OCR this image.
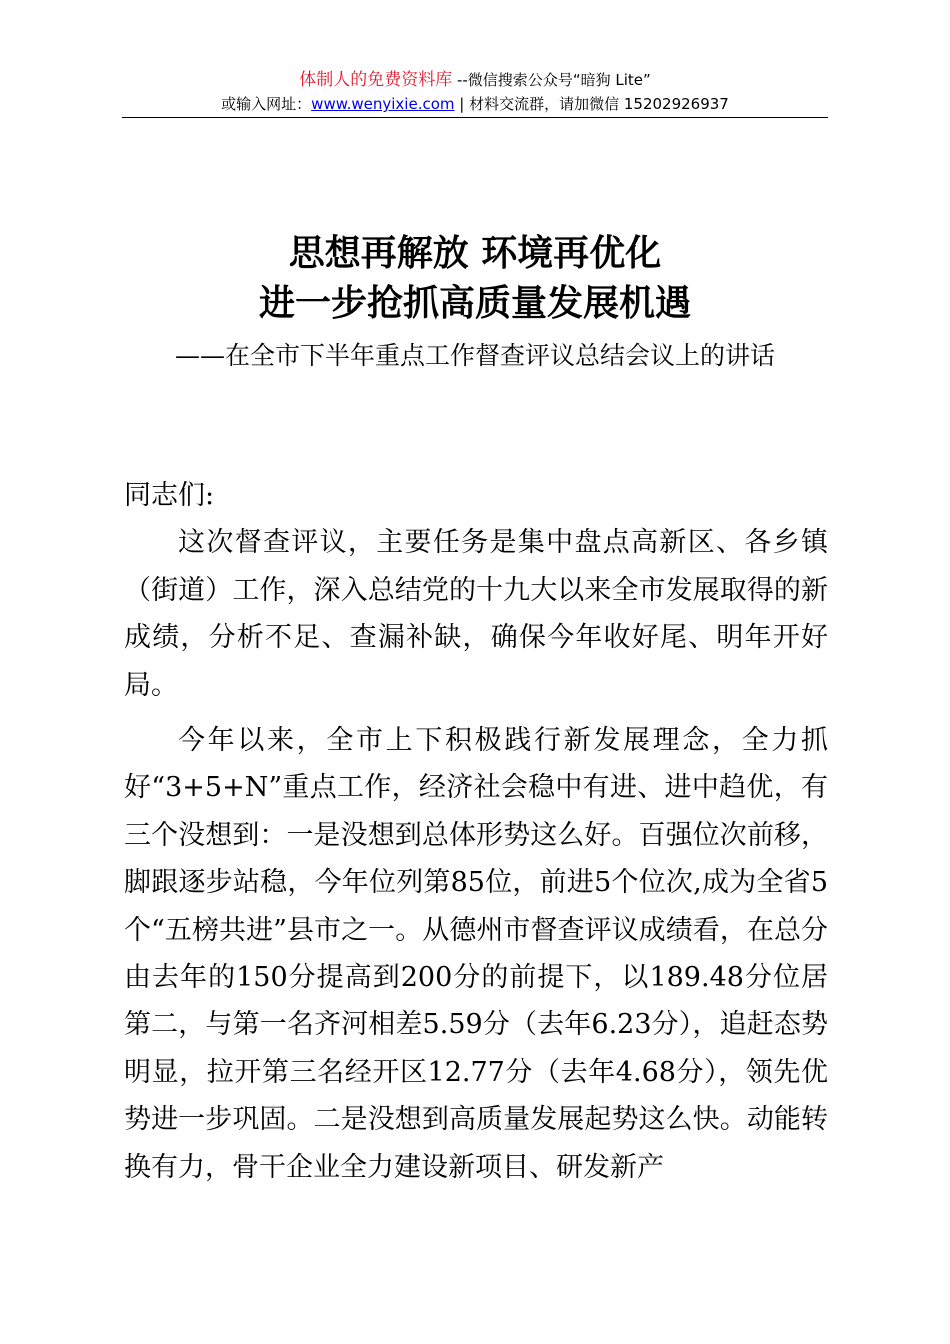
体制人的免费资料库 --微信搜索公众号“暗狗 Lite”
或输入网址：www.wenyixie.com | 材料交流群，请加微信 15202926937
思想再解放 环境再优化
进一步抢抓高质量发展机遇
——在全市下半年重点工作督查评议总结会议上的讲话

同志们:

这次督查评议，主要任务是集中盘点高新区、各乡镇（街道）工作，深入总结党的十九大以来全市发展取得的新成绩，分析不足、查漏补缺，确保今年收好尾、明年开好局。

今年以来，全市上下积极践行新发展理念，全力抓好“3+5+N”重点工作，经济社会稳中有进、进中趋优，有三个没想到：一是没想到总体形势这么好。百强位次前移，脚跟逐步站稳，今年位列第85位，前进5个位次,成为全省5个“五榜共进”县市之一。从德州市督查评议成绩看，在总分由去年的150分提高到200分的前提下，以189.48分位居第二，与第一名齐河相差5.59分（去年6.23分），追赶态势明显，拉开第三名经开区12.77分（去年4.68分），领先优势进一步巩固。二是没想到高质量发展起势这么快。动能转换有力，骨干企业全力建设新项目、研发新产
